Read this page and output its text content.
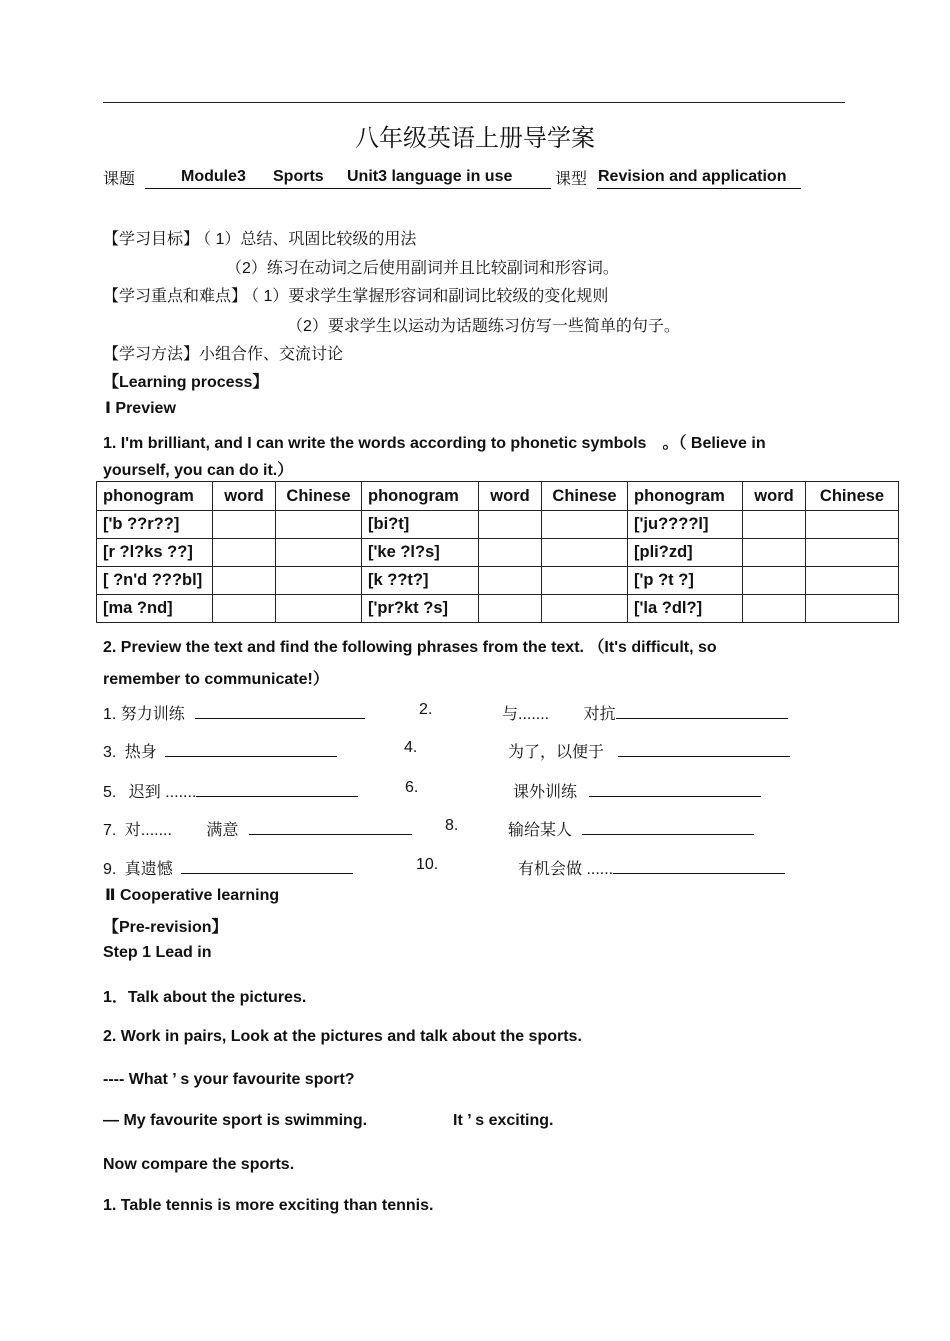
八年级英语上册导学案
课题	Module3 Sports Unit3 language in use	课型 Revision and application
【学习目标】 （ 1）总结、巩固比较级的用法
（2）练习在动词之后使用副词并且比较副词和形容词。
【学习重点和难点】 （ 1）要求学生掌握形容词和副词比较级的变化规则
（2）要求学生以运动为话题练习仿写一些简单的句子。
【学习方法】小组合作、交流讨论
【Learning process】
Ⅰ Preview
1. I'm brilliant, and I can write the words according to phonetic symbols　。（ Believe in
yourself, you can do it.）
phonogram	word	Chinese	phonogram	word	Chinese	phonogram	word	Chinese
['b ??r??]			[bi?t]			['ju????l]		
[r ?l?ks ??]			['ke ?l?s]			[pli?zd]		
[ ?n'd ???bl]			[k ??t?]			['p ?t ?]		
[ma ?nd]			['pr?kt ?s]			['la ?dl?]		
2. Preview the text and find the following phrases from the text. （It's difficult, so
remember to communicate!）
1. 努力训练	2.	与....... 对抗
3. 热身	4.	为了，以便于
5. 迟到 .......	6.	课外训练
7. 对....... 满意	8.	输给某人
9. 真遗憾	10.	有机会做 ......
Ⅱ Cooperative learning
【Pre-revision】
Step 1 Lead in
1．Talk about the pictures.
2. Work in pairs, Look at the pictures and talk about the sports.
---- What ’ s your favourite sport?
— My favourite sport is swimming.	It ’ s exciting.
Now compare the sports.
1. Table tennis is more exciting than tennis.
